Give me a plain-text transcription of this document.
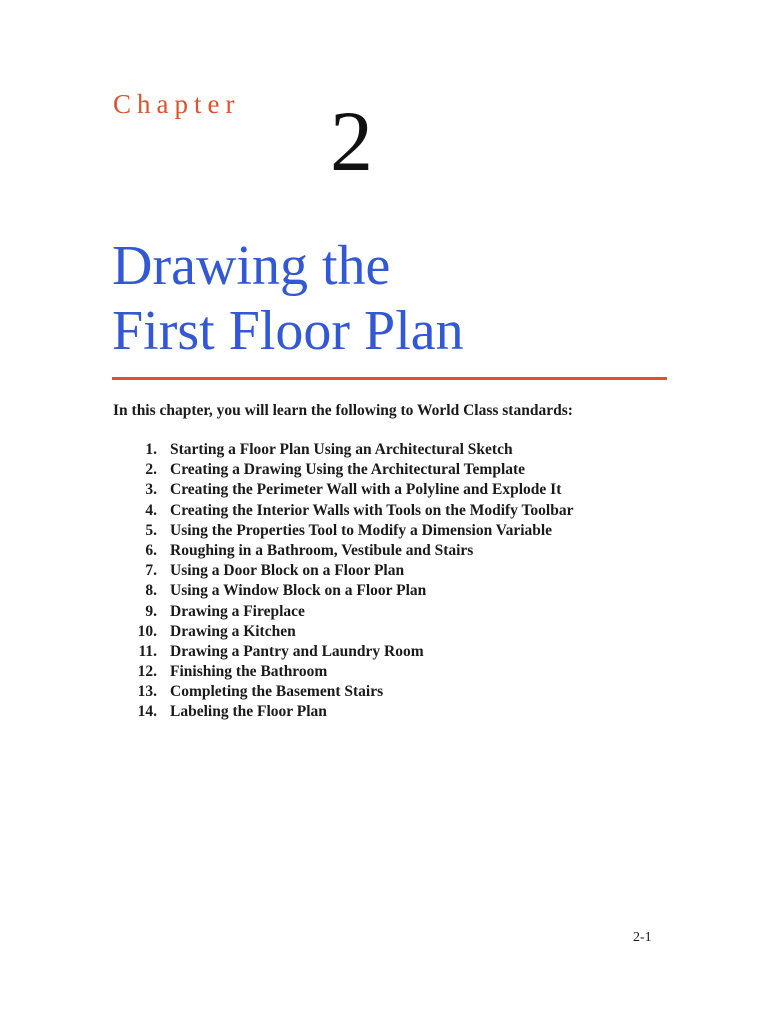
Chapter 2
Drawing the
First Floor Plan

In this chapter, you will learn the following to World Class standards:

1. Starting a Floor Plan Using an Architectural Sketch
2. Creating a Drawing Using the Architectural Template
3. Creating the Perimeter Wall with a Polyline and Explode It
4. Creating the Interior Walls with Tools on the Modify Toolbar
5. Using the Properties Tool to Modify a Dimension Variable
6. Roughing in a Bathroom, Vestibule and Stairs
7. Using a Door Block on a Floor Plan
8. Using a Window Block on a Floor Plan
9. Drawing a Fireplace
10. Drawing a Kitchen
11. Drawing a Pantry and Laundry Room
12. Finishing the Bathroom
13. Completing the Basement Stairs
14. Labeling the Floor Plan
2-1
